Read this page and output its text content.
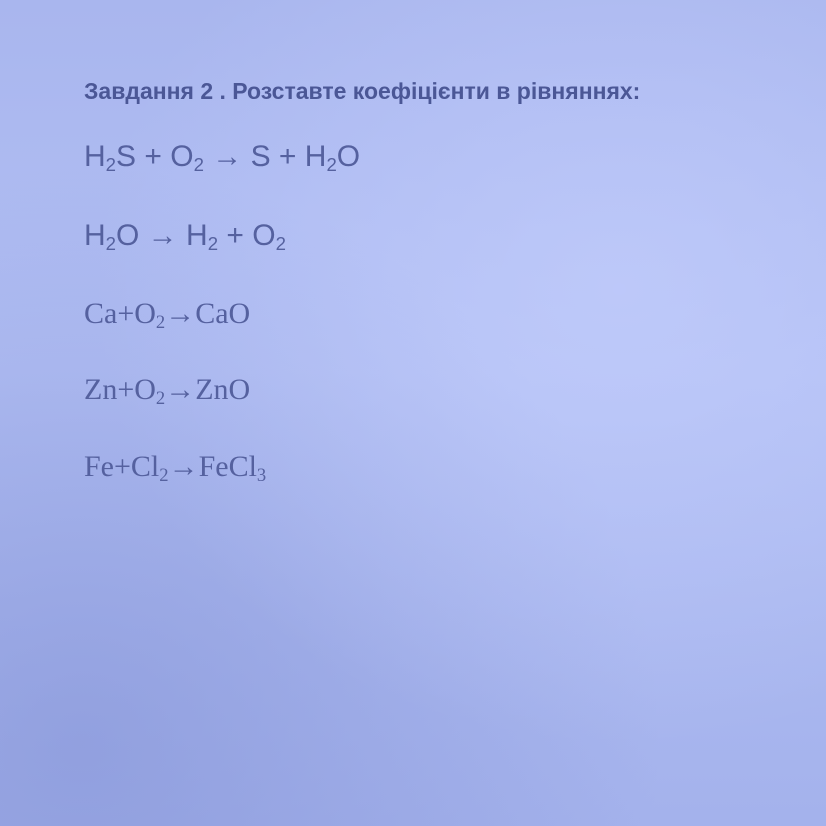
Завдання 2 . Розставте коефіцієнти в рівняннях:

$H_2S + O_2 \to S + H_2O$

$H_2O \to H_2 + O_2$

$Ca+O_2\to CaO$

$Zn+O_2\to ZnO$

$Fe+Cl_2\to FeCl_3$
